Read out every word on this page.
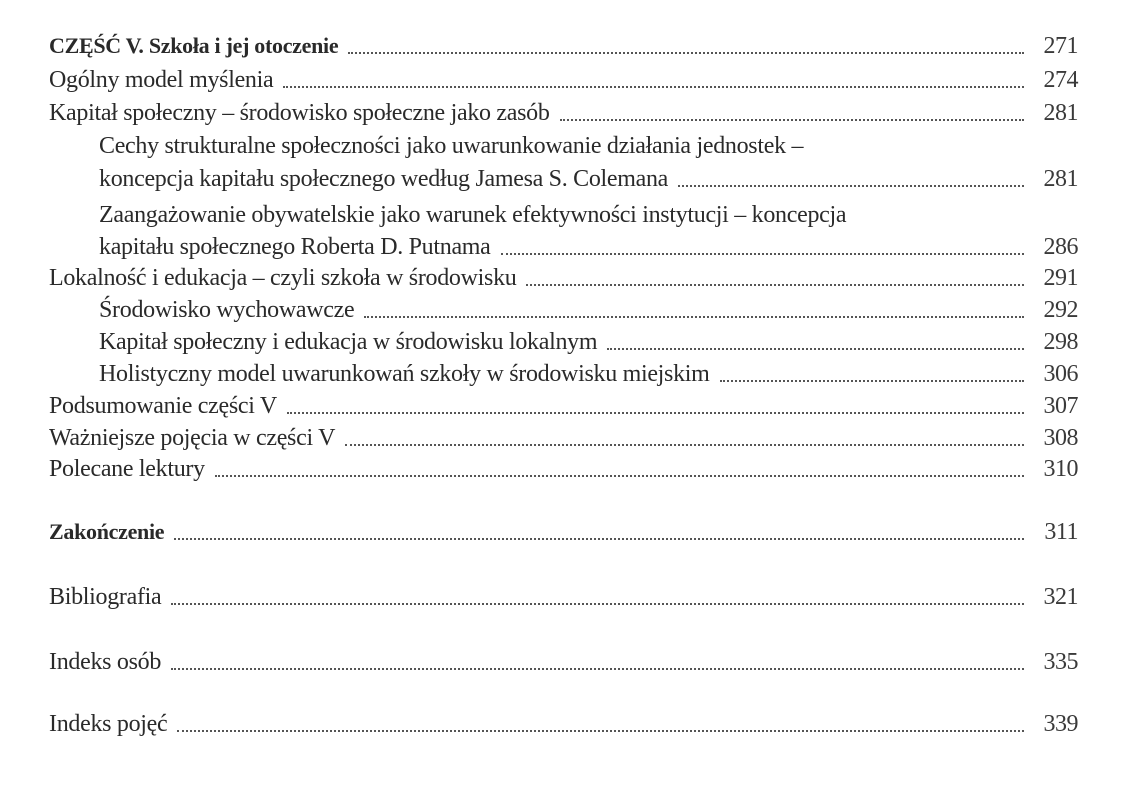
CZĘŚĆ V. Szkoła i jej otoczenie	271
Ogólny model myślenia	274
Kapitał społeczny – środowisko społeczne jako zasób	281
Cechy strukturalne społeczności jako uwarunkowanie działania jednostek –
koncepcja kapitału społecznego według Jamesa S. Colemana	281
Zaangażowanie obywatelskie jako warunek efektywności instytucji – koncepcja
kapitału społecznego Roberta D. Putnama	286
Lokalność i edukacja – czyli szkoła w środowisku	291
Środowisko wychowawcze	292
Kapitał społeczny i edukacja w środowisku lokalnym	298
Holistyczny model uwarunkowań szkoły w środowisku miejskim	306
Podsumowanie części V	307
Ważniejsze pojęcia w części V	308
Polecane lektury	310
Zakończenie	311
Bibliografia	321
Indeks osób	335
Indeks pojęć	339
